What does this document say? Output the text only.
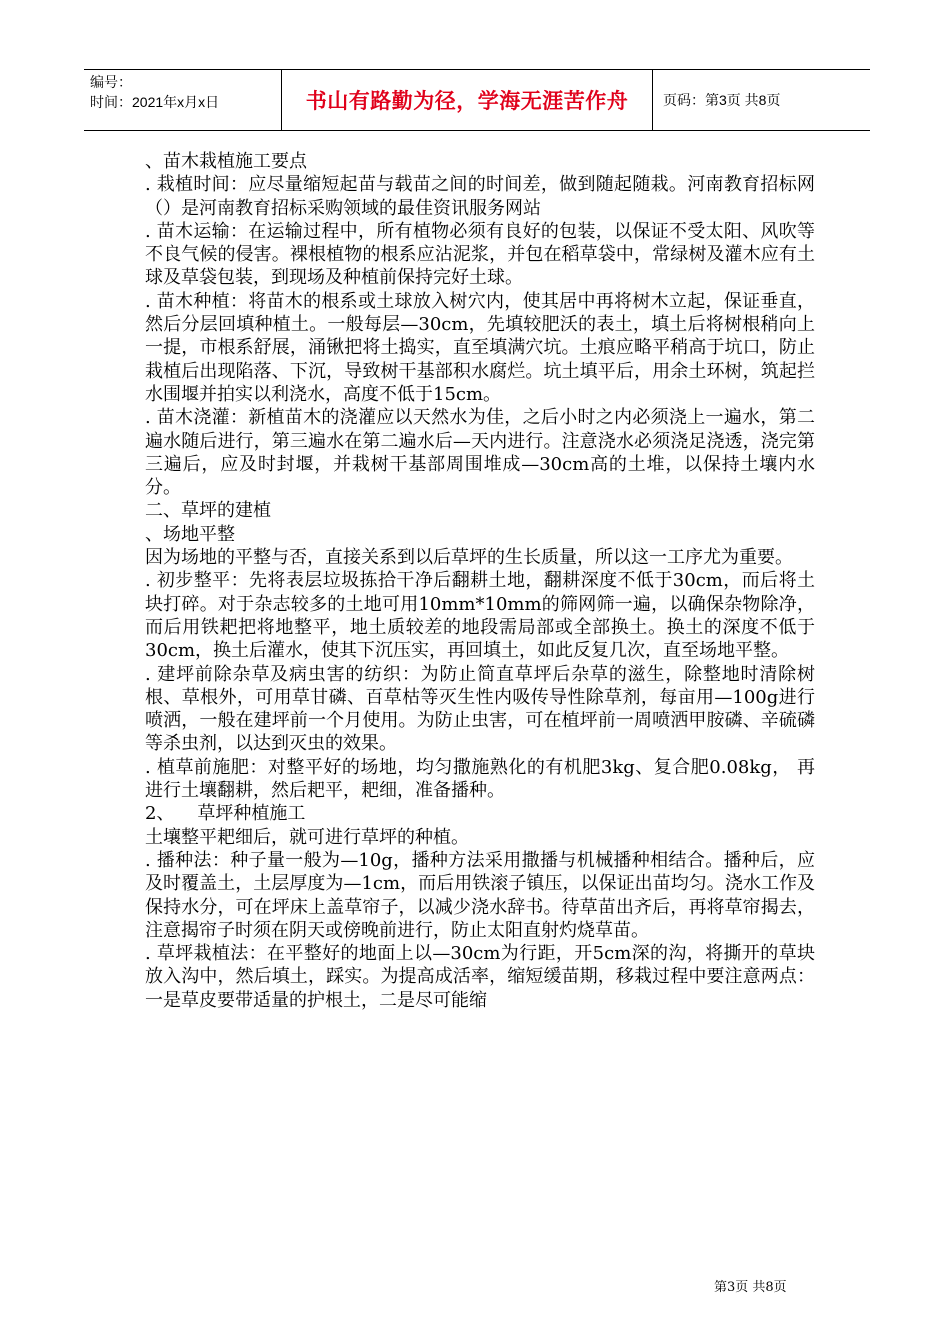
编号：
时间：2021年x月x日	书山有路勤为径，学海无涯苦作舟 页码：第3页 共8页

、苗木栽植施工要点

. 栽植时间：应尽量缩短起苗与载苗之间的时间差，做到随起随栽。河南教育招标网（）是河南教育招标采购领域的最佳资讯服务网站

. 苗木运输：在运输过程中，所有植物必须有良好的包装，以保证不受太阳、风吹等不良气候的侵害。裸根植物的根系应沾泥浆，并包在稻草袋中，常绿树及灌木应有土球及草袋包装，到现场及种植前保持完好土球。

. 苗木种植：将苗木的根系或土球放入树穴内，使其居中再将树木立起，保证垂直，然后分层回填种植土。一般每层—30cm，先填较肥沃的表土，填土后将树根稍向上一提，市根系舒展，涌锹把将土捣实，直至填满穴坑。土痕应略平稍高于坑口，防止栽植后出现陷落、下沉，导致树干基部积水腐烂。坑土填平后，用余土环树，筑起拦水围堰并拍实以利浇水，高度不低于15cm。

. 苗木浇灌：新植苗木的浇灌应以天然水为佳，之后小时之内必须浇上一遍水，第二遍水随后进行，第三遍水在第二遍水后—天内进行。注意浇水必须浇足浇透，浇完第三遍后，应及时封堰，并栽树干基部周围堆成—30cm高的土堆，以保持土壤内水分。

二、草坪的建植

、场地平整

因为场地的平整与否，直接关系到以后草坪的生长质量，所以这一工序尤为重要。

. 初步整平：先将表层垃圾拣拾干净后翻耕土地，翻耕深度不低于30cm，而后将土块打碎。对于杂志较多的土地可用10mm*10mm的筛网筛一遍，以确保杂物除净，而后用铁耙把将地整平，地土质较差的地段需局部或全部换土。换土的深度不低于30cm，换土后灌水，使其下沉压实，再回填土，如此反复几次，直至场地平整。

. 建坪前除杂草及病虫害的纺织：为防止简直草坪后杂草的滋生，除整地时清除树根、草根外，可用草甘磷、百草枯等灭生性内吸传导性除草剂，每亩用—100g进行喷洒，一般在建坪前一个月使用。为防止虫害，可在植坪前一周喷洒甲胺磷、辛硫磷等杀虫剂，以达到灭虫的效果。

. 植草前施肥：对整平好的场地，均匀撒施熟化的有机肥3kg、复合肥0.08kg， 再进行土壤翻耕，然后耙平，耙细，准备播种。

2、    草坪种植施工

土壤整平耙细后，就可进行草坪的种植。

. 播种法：种子量一般为—10g，播种方法采用撒播与机械播种相结合。播种后，应及时覆盖土，土层厚度为—1cm，而后用铁滚子镇压，以保证出苗均匀。浇水工作及保持水分，可在坪床上盖草帘子，以减少浇水辞书。待草苗出齐后，再将草帘揭去，注意揭帘子时须在阴天或傍晚前进行，防止太阳直射灼烧草苗。

. 草坪栽植法：在平整好的地面上以—30cm为行距，开5cm深的沟，将撕开的草块放入沟中，然后填土，踩实。为提高成活率，缩短缓苗期，移栽过程中要注意两点：一是草皮要带适量的护根土，二是尽可能缩

第3页 共8页
